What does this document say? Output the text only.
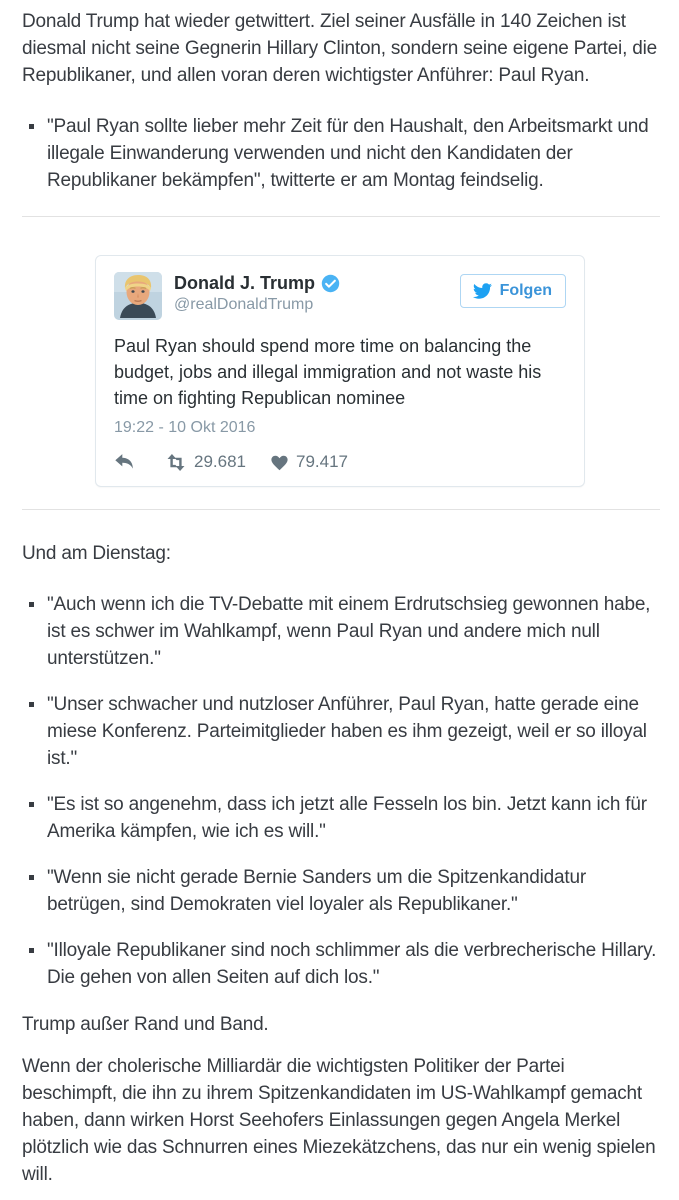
Donald Trump hat wieder getwittert. Ziel seiner Ausfälle in 140 Zeichen ist diesmal nicht seine Gegnerin Hillary Clinton, sondern seine eigene Partei, die Republikaner, und allen voran deren wichtigster Anführer: Paul Ryan.

"Paul Ryan sollte lieber mehr Zeit für den Haushalt, den Arbeitsmarkt und illegale Einwanderung verwenden und nicht den Kandidaten der Republikaner bekämpfen", twitterte er am Montag feindselig.
Donald J. Trump
@realDonaldTrump
Folgen

Paul Ryan should spend more time on balancing the budget, jobs and illegal immigration and not waste his time on fighting Republican nominee

19:22 - 10 Okt 2016
29.681	79.417

Und am Dienstag:

"Auch wenn ich die TV-Debatte mit einem Erdrutschsieg gewonnen habe, ist es schwer im Wahlkampf, wenn Paul Ryan und andere mich null unterstützen."
"Unser schwacher und nutzloser Anführer, Paul Ryan, hatte gerade eine miese Konferenz. Parteimitglieder haben es ihm gezeigt, weil er so illoyal ist."
"Es ist so angenehm, dass ich jetzt alle Fesseln los bin. Jetzt kann ich für Amerika kämpfen, wie ich es will."
"Wenn sie nicht gerade Bernie Sanders um die Spitzenkandidatur betrügen, sind Demokraten viel loyaler als Republikaner."
"Illoyale Republikaner sind noch schlimmer als die verbrecherische Hillary. Die gehen von allen Seiten auf dich los."

Trump außer Rand und Band.

Wenn der cholerische Milliardär die wichtigsten Politiker der Partei beschimpft, die ihn zu ihrem Spitzenkandidaten im US-Wahlkampf gemacht haben, dann wirken Horst Seehofers Einlassungen gegen Angela Merkel plötzlich wie das Schnurren eines Miezekätzchens, das nur ein wenig spielen will.
